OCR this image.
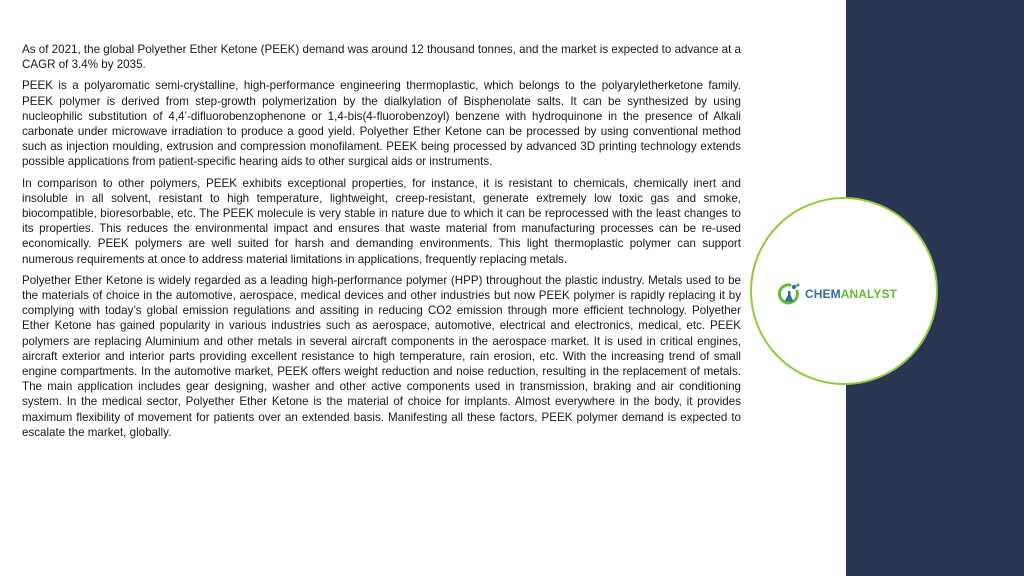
As of 2021, the global Polyether Ether Ketone (PEEK) demand was around 12 thousand tonnes, and the market is expected to advance at a CAGR of 3.4% by 2035.

PEEK is a polyaromatic semi-crystalline, high-performance engineering thermoplastic, which belongs to the polyaryletherketone family. PEEK polymer is derived from step-growth polymerization by the dialkylation of Bisphenolate salts. It can be synthesized by using nucleophilic substitution of 4,4’-difluorobenzophenone or 1,4-bis(4-fluorobenzoyl) benzene with hydroquinone in the presence of Alkali carbonate under microwave irradiation to produce a good yield. Polyether Ether Ketone can be processed by using conventional method such as injection moulding, extrusion and compression monofilament. PEEK being processed by advanced 3D printing technology extends possible applications from patient-specific hearing aids to other surgical aids or instruments.

In comparison to other polymers, PEEK exhibits exceptional properties, for instance, it is resistant to chemicals, chemically inert and insoluble in all solvent, resistant to high temperature, lightweight, creep-resistant, generate extremely low toxic gas and smoke, biocompatible, bioresorbable, etc. The PEEK molecule is very stable in nature due to which it can be reprocessed with the least changes to its properties. This reduces the environmental impact and ensures that waste material from manufacturing processes can be re-used economically. PEEK polymers are well suited for harsh and demanding environments. This light thermoplastic polymer can support numerous requirements at once to address material limitations in applications, frequently replacing metals.

Polyether Ether Ketone is widely regarded as a leading high-performance polymer (HPP) throughout the plastic industry. Metals used to be the materials of choice in the automotive, aerospace, medical devices and other industries but now PEEK polymer is rapidly replacing it by complying with today’s global emission regulations and assiting in reducing CO2 emission through more efficient technology. Polyether Ether Ketone has gained popularity in various industries such as aerospace, automotive, electrical and electronics, medical, etc. PEEK polymers are replacing Aluminium and other metals in several aircraft components in the aerospace market. It is used in critical engines, aircraft exterior and interior parts providing excellent resistance to high temperature, rain erosion, etc. With the increasing trend of small engine compartments. In the automotive market, PEEK offers weight reduction and noise reduction, resulting in the replacement of metals. The main application includes gear designing, washer and other active components used in transmission, braking and air conditioning system. In the medical sector, Polyether Ether Ketone is the material of choice for implants. Almost everywhere in the body, it provides maximum flexibility of movement for patients over an extended basis. Manifesting all these factors, PEEK polymer demand is expected to escalate the market, globally.

CHEMANALYST
